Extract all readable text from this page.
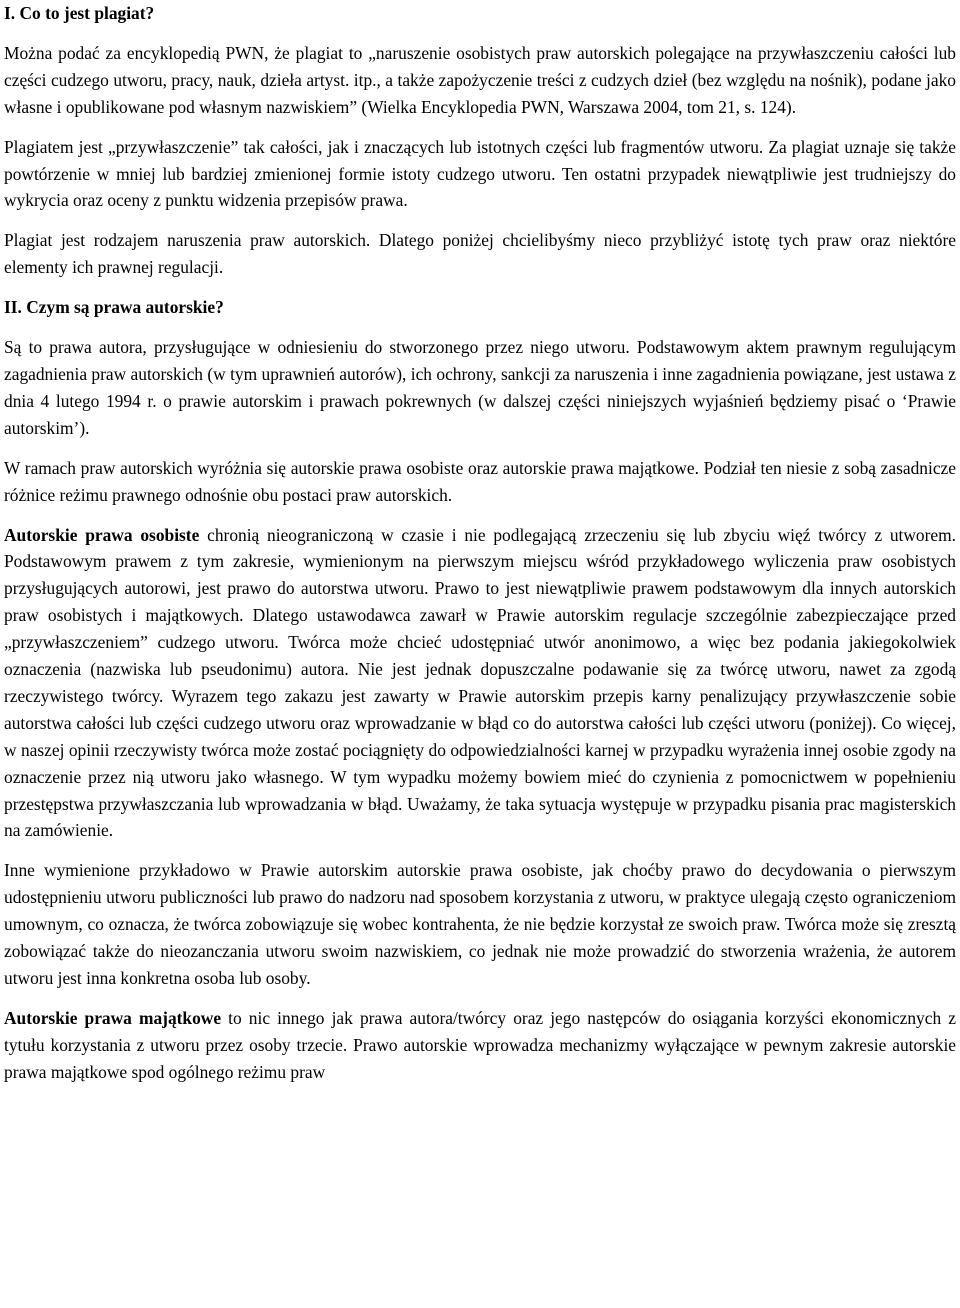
I. Co to jest plagiat?

Można podać za encyklopedią PWN, że plagiat to „naruszenie osobistych praw autorskich polegające na przywłaszczeniu całości lub części cudzego utworu, pracy, nauk, dzieła artyst. itp., a także zapożyczenie treści z cudzych dzieł (bez względu na nośnik), podane jako własne i opublikowane pod własnym nazwiskiem” (Wielka Encyklopedia PWN, Warszawa 2004, tom 21, s. 124).

Plagiatem jest „przywłaszczenie” tak całości, jak i znaczących lub istotnych części lub fragmentów utworu. Za plagiat uznaje się także powtórzenie w mniej lub bardziej zmienionej formie istoty cudzego utworu. Ten ostatni przypadek niewątpliwie jest trudniejszy do wykrycia oraz oceny z punktu widzenia przepisów prawa.

Plagiat jest rodzajem naruszenia praw autorskich. Dlatego poniżej chcielibyśmy nieco przybliżyć istotę tych praw oraz niektóre elementy ich prawnej regulacji.

II. Czym są prawa autorskie?

Są to prawa autora, przysługujące w odniesieniu do stworzonego przez niego utworu. Podstawowym aktem prawnym regulującym zagadnienia praw autorskich (w tym uprawnień autorów), ich ochrony, sankcji za naruszenia i inne zagadnienia powiązane, jest ustawa z dnia 4 lutego 1994 r. o prawie autorskim i prawach pokrewnych (w dalszej części niniejszych wyjaśnień będziemy pisać o ‘Prawie autorskim’).

W ramach praw autorskich wyróżnia się autorskie prawa osobiste oraz autorskie prawa majątkowe. Podział ten niesie z sobą zasadnicze różnice reżimu prawnego odnośnie obu postaci praw autorskich.

Autorskie prawa osobiste chronią nieograniczoną w czasie i nie podlegającą zrzeczeniu się lub zbyciu więź twórcy z utworem. Podstawowym prawem z tym zakresie, wymienionym na pierwszym miejscu wśród przykładowego wyliczenia praw osobistych przysługujących autorowi, jest prawo do autorstwa utworu. Prawo to jest niewątpliwie prawem podstawowym dla innych autorskich praw osobistych i majątkowych. Dlatego ustawodawca zawarł w Prawie autorskim regulacje szczególnie zabezpieczające przed „przywłaszczeniem” cudzego utworu. Twórca może chcieć udostępniać utwór anonimowo, a więc bez podania jakiegokolwiek oznaczenia (nazwiska lub pseudonimu) autora. Nie jest jednak dopuszczalne podawanie się za twórcę utworu, nawet za zgodą rzeczywistego twórcy. Wyrazem tego zakazu jest zawarty w Prawie autorskim przepis karny penalizujący przywłaszczenie sobie autorstwa całości lub części cudzego utworu oraz wprowadzanie w błąd co do autorstwa całości lub części utworu (poniżej). Co więcej, w naszej opinii rzeczywisty twórca może zostać pociągnięty do odpowiedzialności karnej w przypadku wyrażenia innej osobie zgody na oznaczenie przez nią utworu jako własnego. W tym wypadku możemy bowiem mieć do czynienia z pomocnictwem w popełnieniu przestępstwa przywłaszczania lub wprowadzania w błąd. Uważamy, że taka sytuacja występuje w przypadku pisania prac magisterskich na zamówienie.

Inne wymienione przykładowo w Prawie autorskim autorskie prawa osobiste, jak choćby prawo do decydowania o pierwszym udostępnieniu utworu publiczności lub prawo do nadzoru nad sposobem korzystania z utworu, w praktyce ulegają często ograniczeniom umownym, co oznacza, że twórca zobowiązuje się wobec kontrahenta, że nie będzie korzystał ze swoich praw. Twórca może się zresztą zobowiązać także do nieozanczania utworu swoim nazwiskiem, co jednak nie może prowadzić do stworzenia wrażenia, że autorem utworu jest inna konkretna osoba lub osoby.

Autorskie prawa majątkowe to nic innego jak prawa autora/twórcy oraz jego następców do osiągania korzyści ekonomicznych z tytułu korzystania z utworu przez osoby trzecie. Prawo autorskie wprowadza mechanizmy wyłączające w pewnym zakresie autorskie prawa majątkowe spod ogólnego reżimu praw
